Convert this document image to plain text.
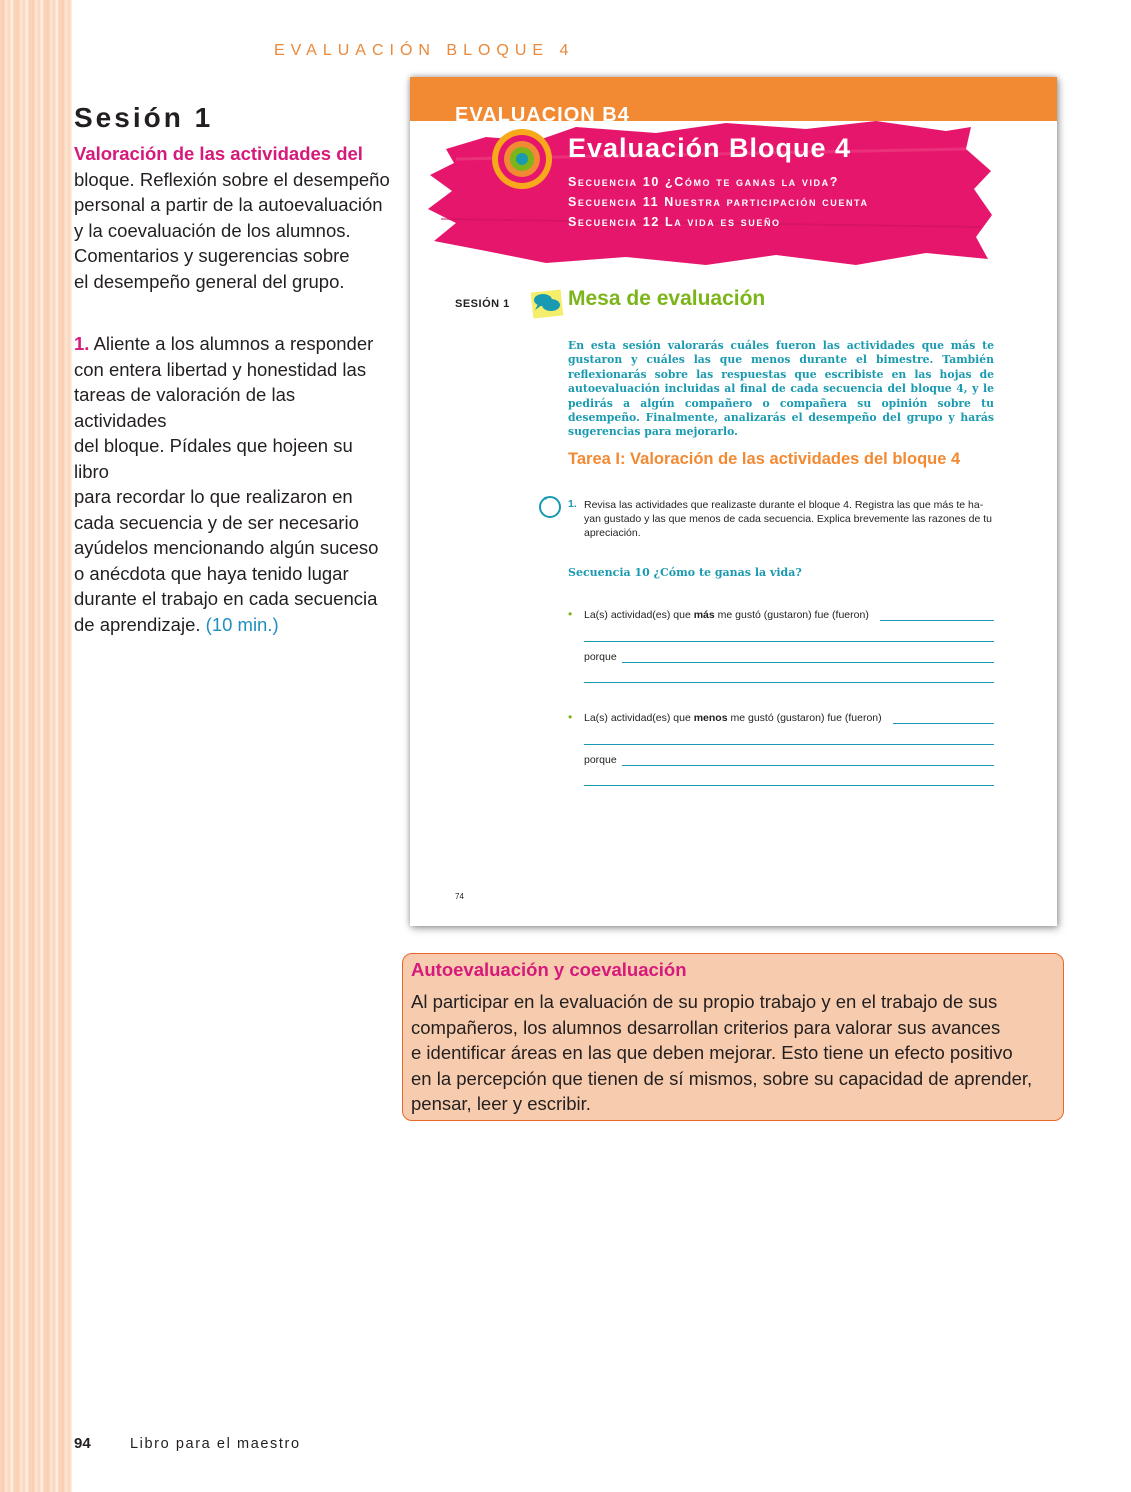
EVALUACIÓN BLOQUE 4
Sesión 1
Valoración de las actividades del
bloque. Reflexión sobre el desempeño
personal a partir de la autoevaluación
y la coevaluación de los alumnos.
Comentarios y sugerencias sobre
el desempeño general del grupo.
1. Aliente a los alumnos a responder
con entera libertad y honestidad las
tareas de valoración de las actividades
del bloque. Pídales que hojeen su libro
para recordar lo que realizaron en
cada secuencia y de ser necesario
ayúdelos mencionando algún suceso
o anécdota que haya tenido lugar
durante el trabajo en cada secuencia
de aprendizaje. (10 min.)
EVALUACION B4
Evaluación Bloque 4
Secuencia 10 ¿Cómo te ganas la vida?
Secuencia 11 Nuestra participación cuenta
Secuencia 12 La vida es sueño
SESIÓN 1	Mesa de evaluación
En esta sesión valorarás cuáles fueron las actividades que más te gustaron y cuáles las que menos durante el bimestre. También reflexionarás sobre las respuestas que escribiste en las hojas de autoevaluación incluidas al final de cada secuencia del bloque 4, y le pedirás a algún compañero o compañera su opinión sobre tu desempeño. Finalmente, analizarás el desempeño del grupo y harás sugerencias para mejorarlo.
Tarea I: Valoración de las actividades del bloque 4
1. Revisa las actividades que realizaste durante el bloque 4. Registra las que más te ha-yan gustado y las que menos de cada secuencia. Explica brevemente las razones de tu apreciación.
Secuencia 10 ¿Cómo te ganas la vida?
• La(s) actividad(es) que más me gustó (gustaron) fue (fueron)
porque
• La(s) actividad(es) que menos me gustó (gustaron) fue (fueron)
porque
74
Autoevaluación y coevaluación
Al participar en la evaluación de su propio trabajo y en el trabajo de sus
compañeros, los alumnos desarrollan criterios para valorar sus avances
e identificar áreas en las que deben mejorar. Esto tiene un efecto positivo
en la percepción que tienen de sí mismos, sobre su capacidad de aprender,
pensar, leer y escribir.
94	Libro para el maestro
